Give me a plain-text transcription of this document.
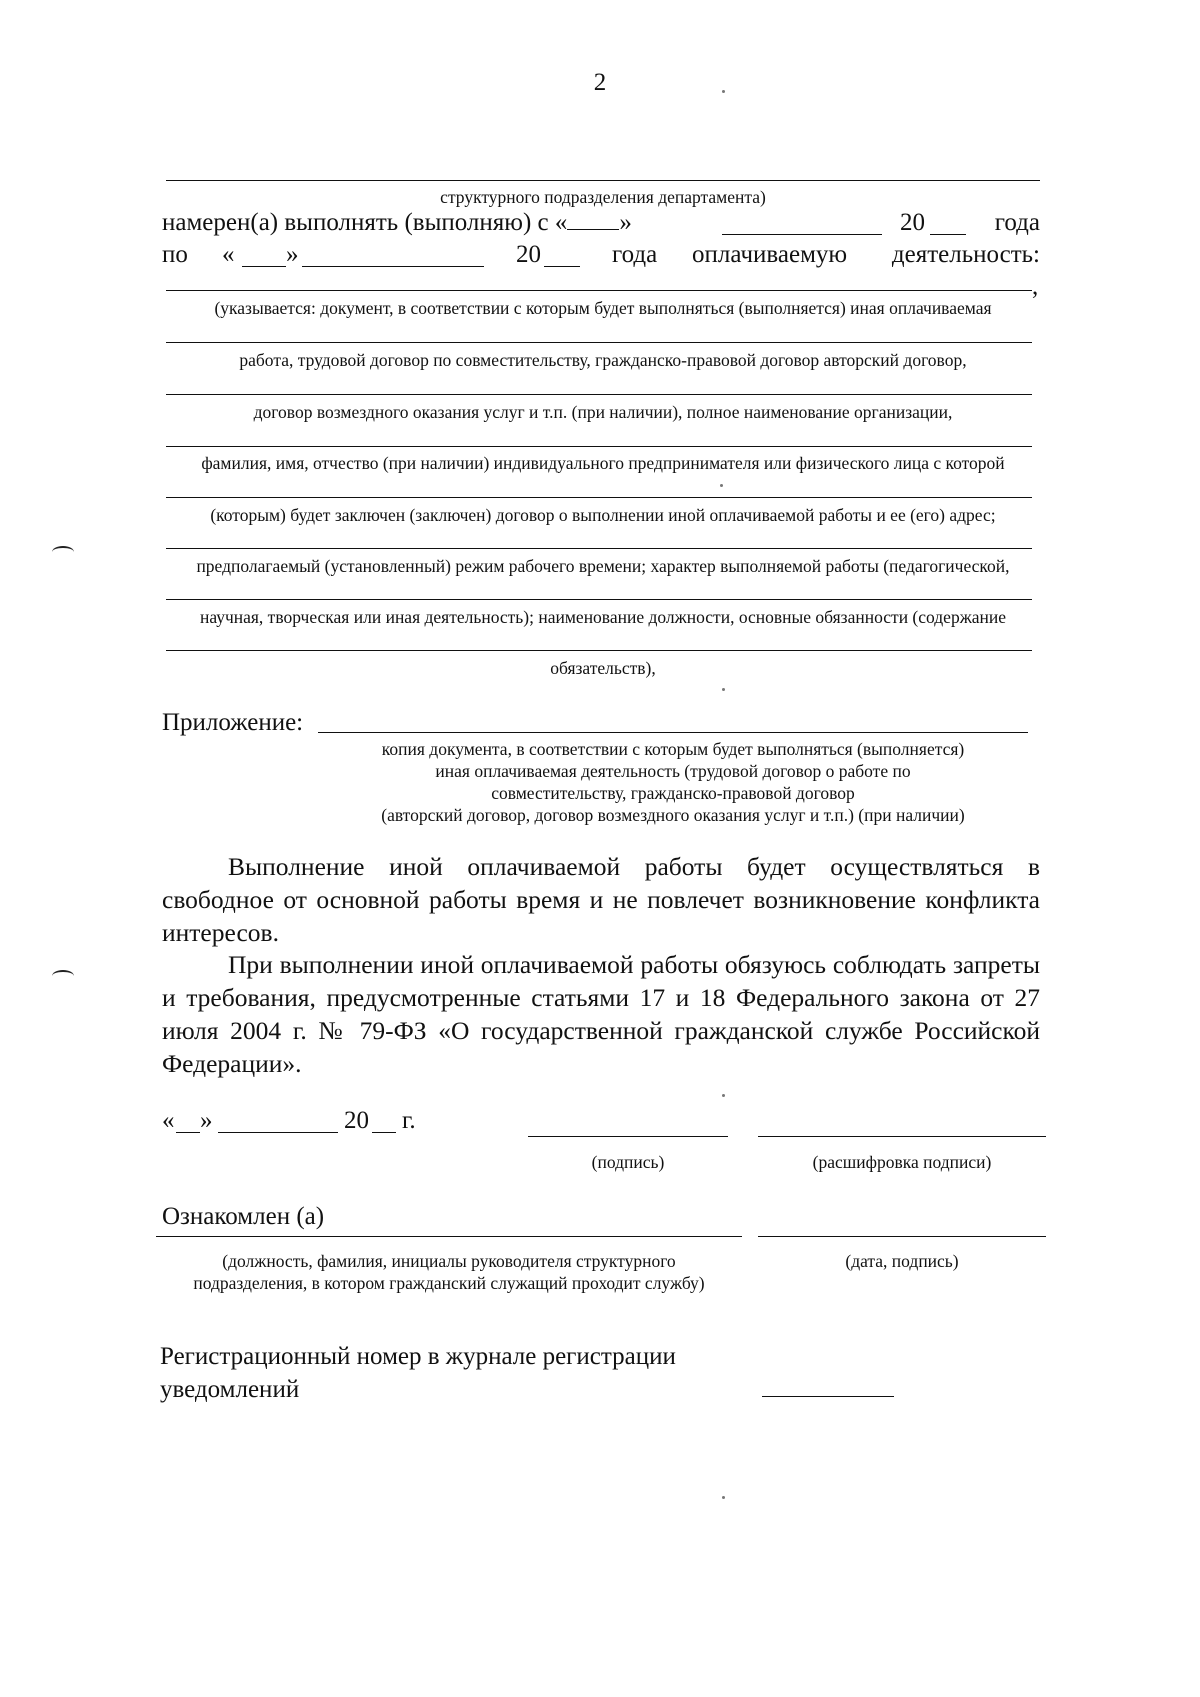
2
структурного подразделения департамента)
намерен(а) выполнять (выполняю) с « »	20	года
по « »	20	года оплачиваемую деятельность:
,
(указывается: документ, в соответствии с которым будет выполняться (выполняется) иная оплачиваемая
работа, трудовой договор по совместительству, гражданско-правовой договор авторский договор,
договор возмездного оказания услуг и т.п. (при наличии), полное наименование организации,
фамилия, имя, отчество (при наличии) индивидуального предпринимателя или физического лица с которой
(которым) будет заключен (заключен) договор о выполнении иной оплачиваемой работы и ее (его) адрес;
предполагаемый (установленный) режим рабочего времени; характер выполняемой работы (педагогической,
научная, творческая или иная деятельность); наименование должности, основные обязанности (содержание
обязательств),
Приложение:
копия документа, в соответствии с которым будет выполняться (выполняется)
иная оплачиваемая деятельность (трудовой договор о работе по
совместительству, гражданско-правовой договор
(авторский договор, договор возмездного оказания услуг и т.п.) (при наличии)
Выполнение иной оплачиваемой работы будет осуществляться в свободное от основной работы время и не повлечет возникновение конфликта интересов.
При выполнении иной оплачиваемой работы обязуюсь соблюдать запреты и требования, предусмотренные статьями 17 и 18 Федерального закона от 27 июля 2004 г. № 79-ФЗ «О государственной гражданской службе Российской Федерации».
« »	20 г.
(подпись)	(расшифровка подписи)
Ознакомлен (а)
(должность, фамилия, инициалы руководителя структурного
подразделения, в котором гражданский служащий проходит службу)
(дата, подпись)
Регистрационный номер в журнале регистрации
уведомлений
